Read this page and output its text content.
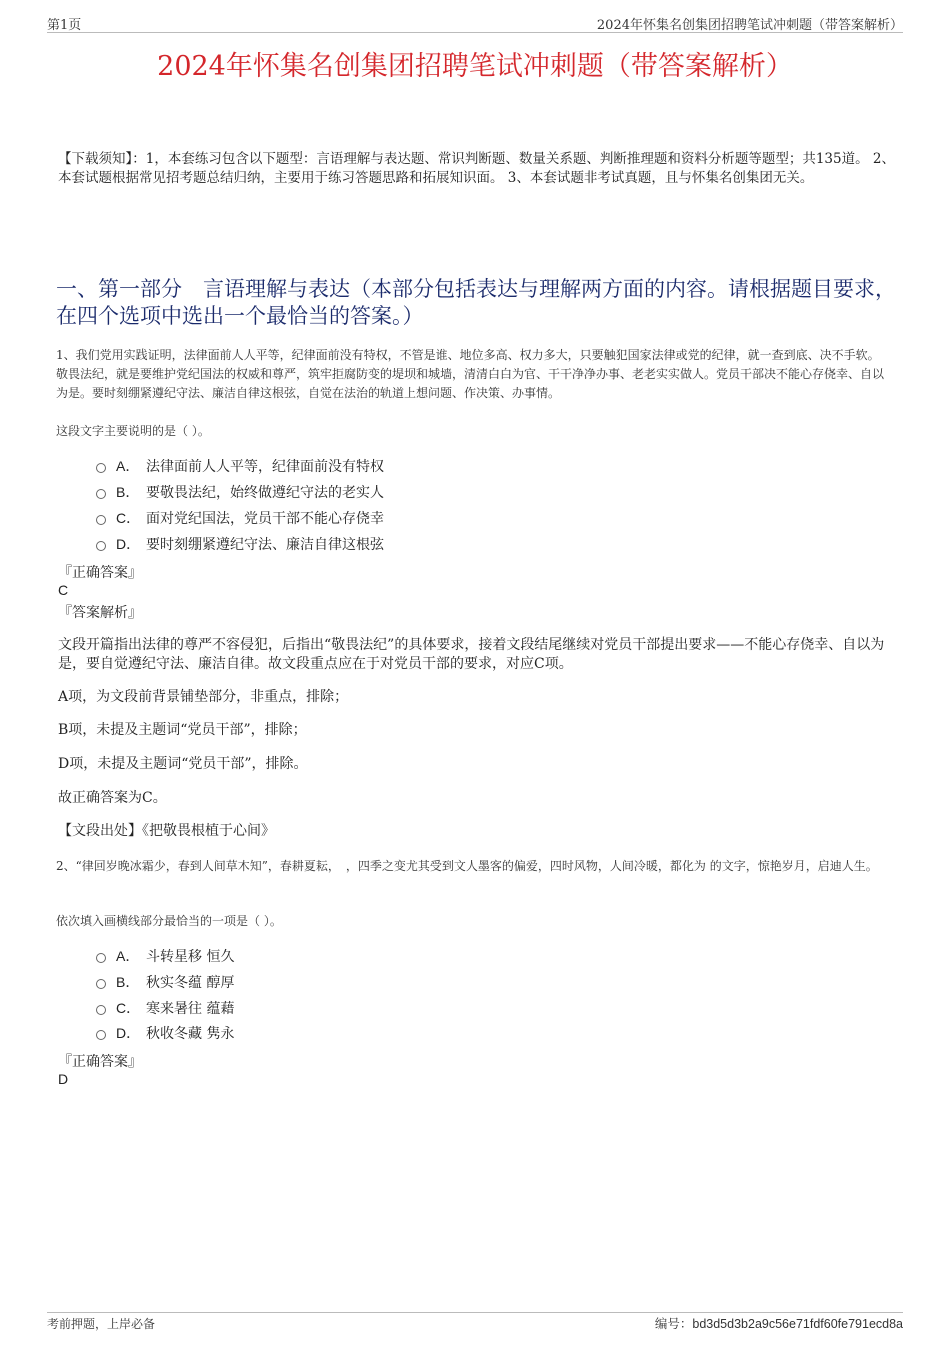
第1页	2024年怀集名创集团招聘笔试冲刺题（带答案解析）
2024年怀集名创集团招聘笔试冲刺题（带答案解析）
【下载须知】：1，本套练习包含以下题型：言语理解与表达题、常识判断题、数量关系题、判断推理题和资料分析题等题型；共135道。 2、本套试题根据常见招考题总结归纳，主要用于练习答题思路和拓展知识面。 3、本套试题非考试真题，且与怀集名创集团无关。
一、第一部分　言语理解与表达（本部分包括表达与理解两方面的内容。请根据题目要求，在四个选项中选出一个最恰当的答案。）
1、我们党用实践证明，法律面前人人平等，纪律面前没有特权，不管是谁、地位多高、权力多大，只要触犯国家法律或党的纪律，就一查到底、决不手软。敬畏法纪，就是要维护党纪国法的权威和尊严，筑牢拒腐防变的堤坝和城墙，清清白白为官、干干净净办事、老老实实做人。党员干部决不能心存侥幸、自以为是。要时刻绷紧遵纪守法、廉洁自律这根弦，自觉在法治的轨道上想问题、作决策、办事情。
这段文字主要说明的是（ ）。
A． 法律面前人人平等，纪律面前没有特权
B． 要敬畏法纪，始终做遵纪守法的老实人
C． 面对党纪国法，党员干部不能心存侥幸
D． 要时刻绷紧遵纪守法、廉洁自律这根弦
『正确答案』
C
『答案解析』
文段开篇指出法律的尊严不容侵犯，后指出“敬畏法纪”的具体要求，接着文段结尾继续对党员干部提出要求——不能心存侥幸、自以为是，要自觉遵纪守法、廉洁自律。故文段重点应在于对党员干部的要求，对应C项。
A项，为文段前背景铺垫部分，非重点，排除；
B项，未提及主题词“党员干部”，排除；
D项，未提及主题词“党员干部”，排除。
故正确答案为C。
【文段出处】《把敬畏根植于心间》
2、“律回岁晚冰霜少，春到人间草木知”，春耕夏耘，　，四季之变尤其受到文人墨客的偏爱，四时风物，人间冷暖，都化为 的文字，惊艳岁月，启迪人生。
依次填入画横线部分最恰当的一项是（ ）。
A． 斗转星移 恒久
B． 秋实冬蕴 醇厚
C． 寒来暑往 蕴藉
D． 秋收冬藏 隽永
『正确答案』
D
考前押题，上岸必备	编号：bd3d5d3b2a9c56e71fdf60fe791ecd8a
